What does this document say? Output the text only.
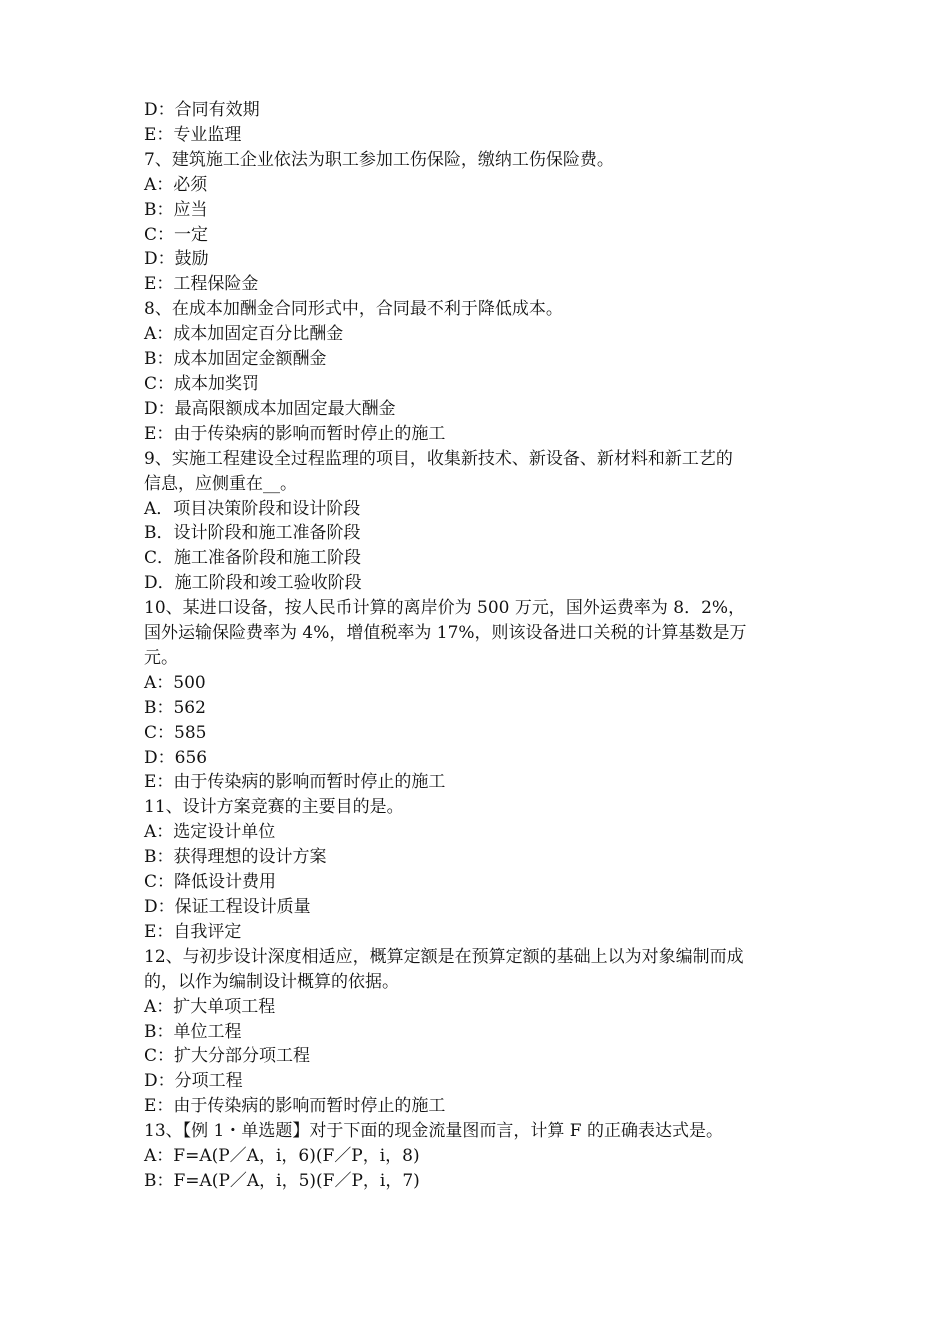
D：合同有效期

E：专业监理

7、建筑施工企业依法为职工参加工伤保险，缴纳工伤保险费。

A：必须

B：应当

C：一定

D：鼓励

E：工程保险金

8、在成本加酬金合同形式中，合同最不利于降低成本。

A：成本加固定百分比酬金

B：成本加固定金额酬金

C：成本加奖罚

D：最高限额成本加固定最大酬金

E：由于传染病的影响而暂时停止的施工

9、实施工程建设全过程监理的项目，收集新技术、新设备、新材料和新工艺的

信息，应侧重在__。

A．项目决策阶段和设计阶段

B．设计阶段和施工准备阶段

C．施工准备阶段和施工阶段

D．施工阶段和竣工验收阶段

10、某进口设备，按人民币计算的离岸价为 500 万元，国外运费率为 8．2%，

国外运输保险费率为 4%，增值税率为 17%，则该设备进口关税的计算基数是万

元。

A：500

B：562

C：585

D：656

E：由于传染病的影响而暂时停止的施工

11、设计方案竞赛的主要目的是。

A：选定设计单位

B：获得理想的设计方案

C：降低设计费用

D：保证工程设计质量

E：自我评定

12、与初步设计深度相适应，概算定额是在预算定额的基础上以为对象编制而成

的，以作为编制设计概算的依据。

A：扩大单项工程

B：单位工程

C：扩大分部分项工程

D：分项工程

E：由于传染病的影响而暂时停止的施工

13、【例 1・单选题】对于下面的现金流量图而言，计算 F 的正确表达式是。

A：F=A(P／A，i，6)(F／P，i，8)

B：F=A(P／A，i，5)(F／P，i，7)
